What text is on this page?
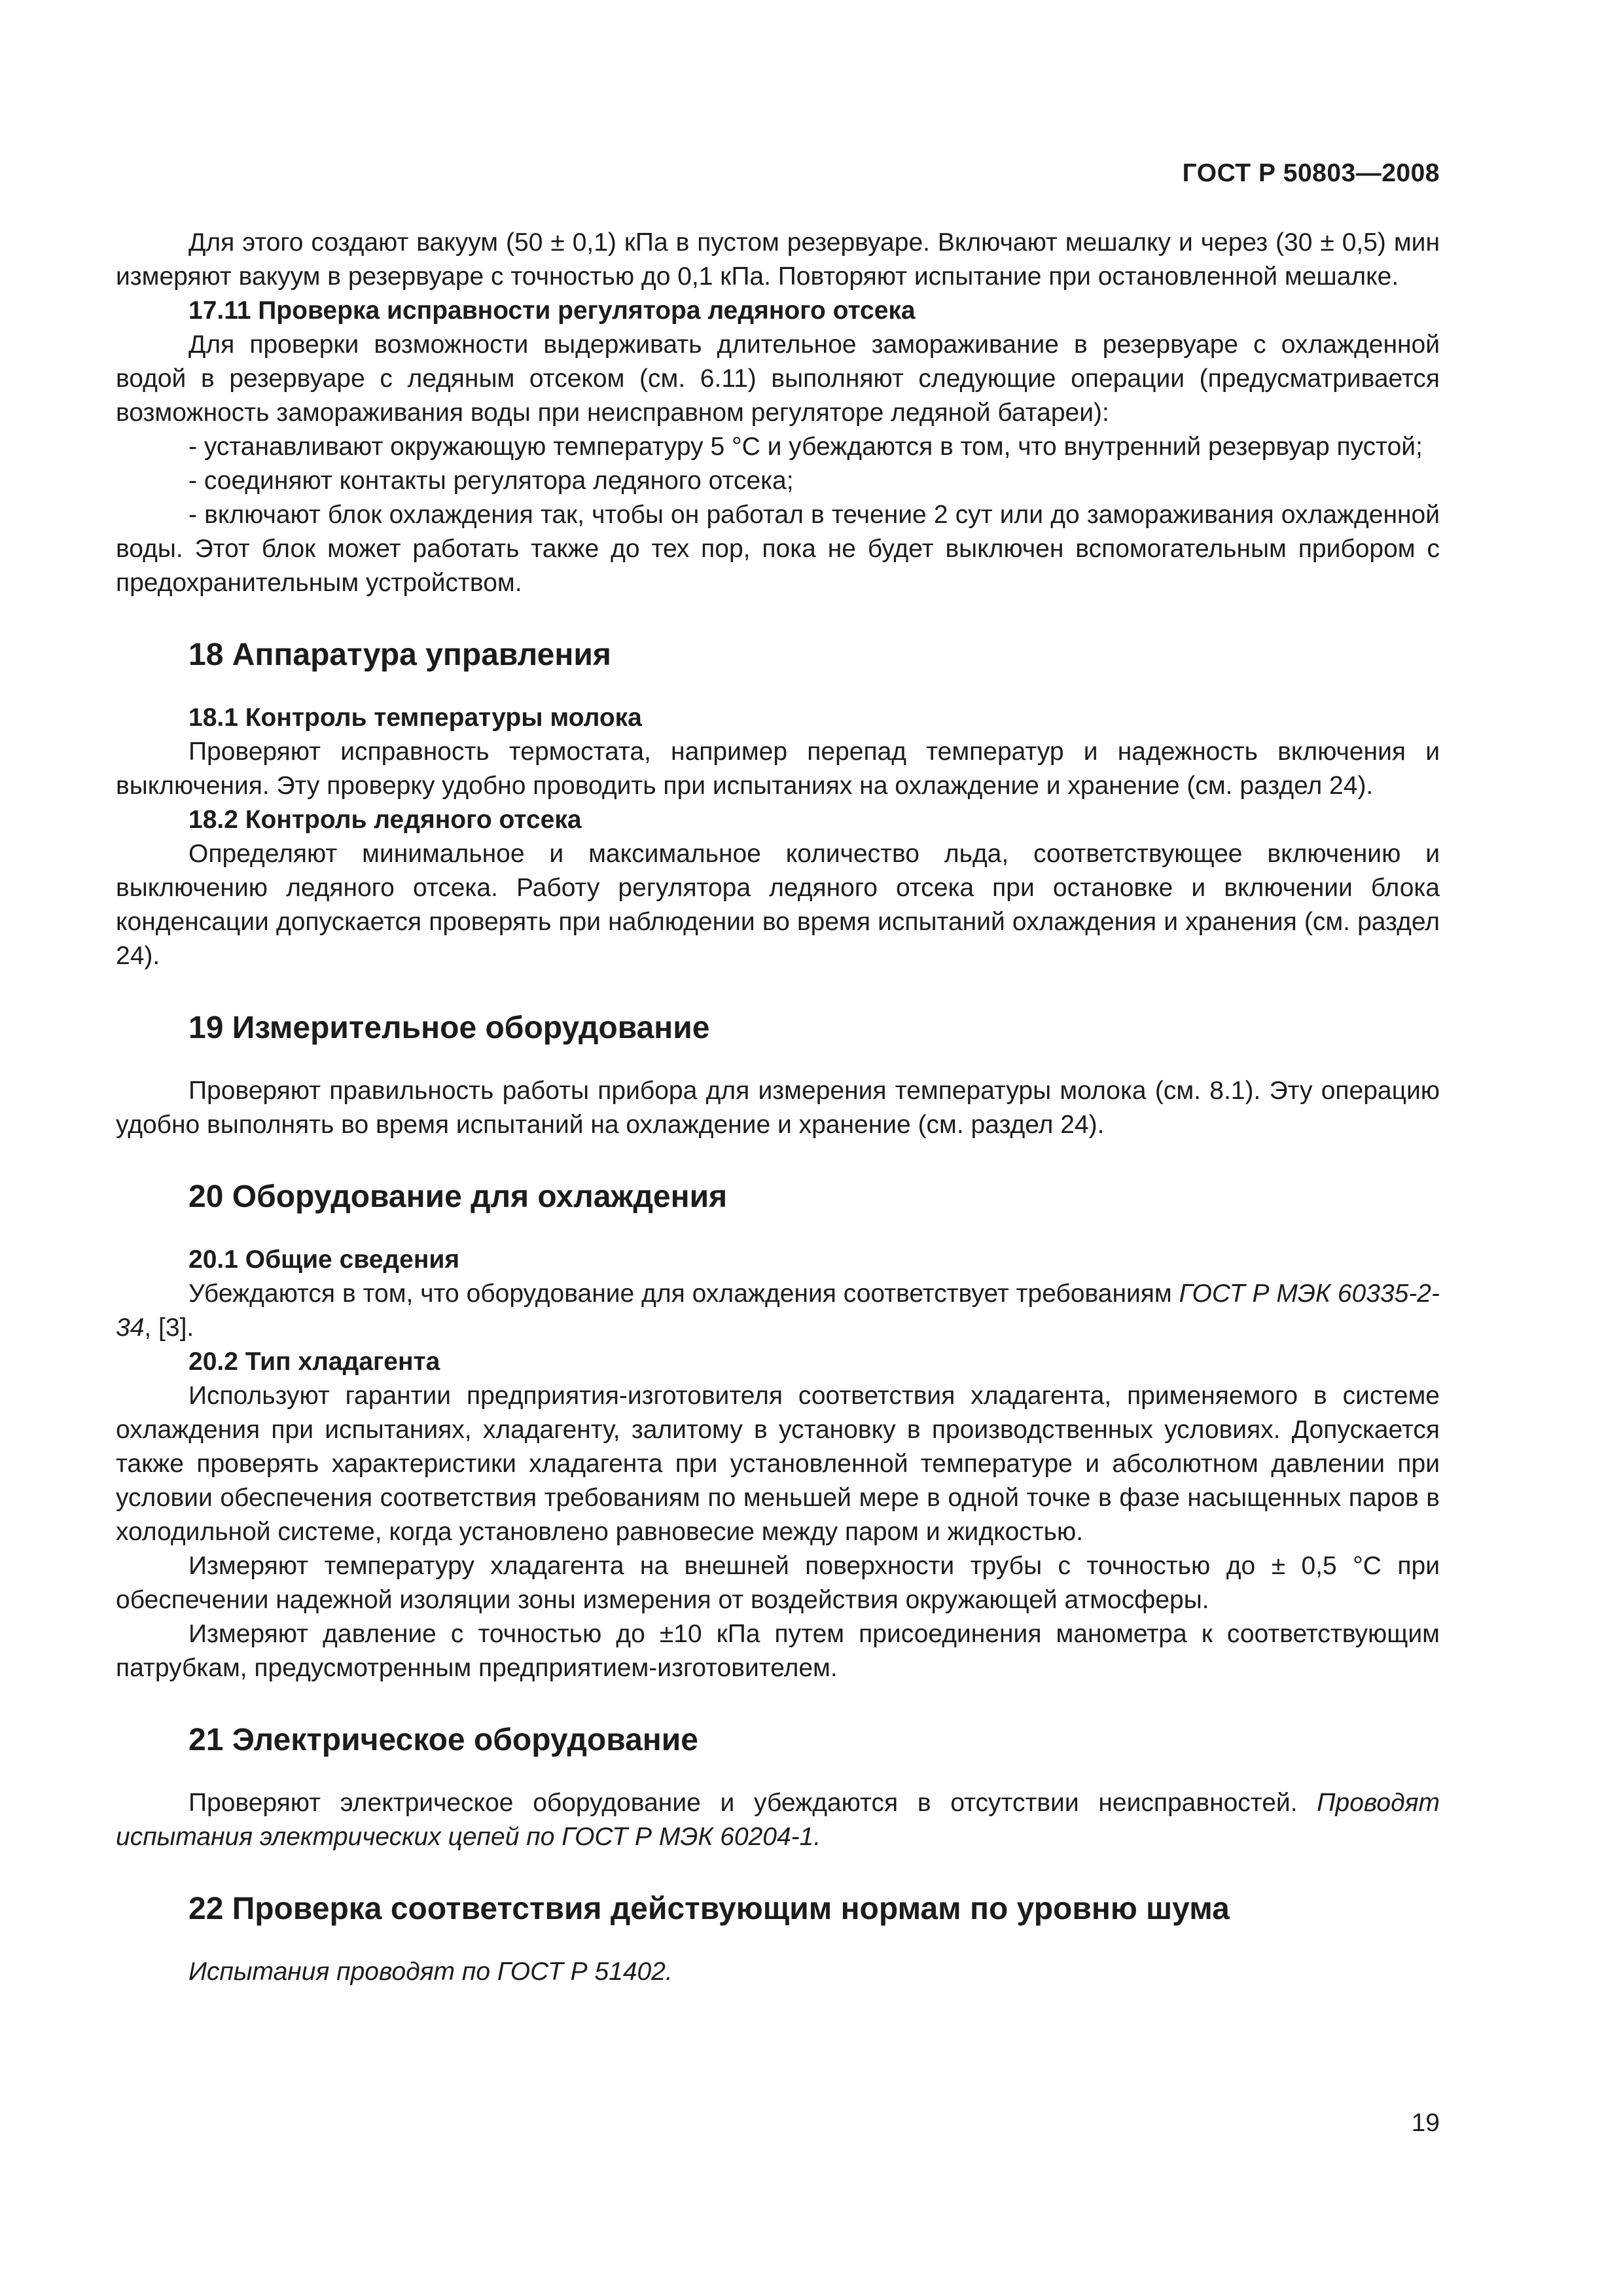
ГОСТ Р 50803—2008

Для этого создают вакуум (50 ± 0,1) кПа в пустом резервуаре. Включают мешалку и через (30 ± 0,5) мин измеряют вакуум в резервуаре с точностью до 0,1 кПа. Повторяют испытание при остановленной мешалке.

17.11 Проверка исправности регулятора ледяного отсека

Для проверки возможности выдерживать длительное замораживание в резервуаре с охлажденной водой в резервуаре с ледяным отсеком (см. 6.11) выполняют следующие операции (предусматривается возможность замораживания воды при неисправном регуляторе ледяной батареи):

- устанавливают окружающую температуру 5 °С и убеждаются в том, что внутренний резервуар пустой;

- соединяют контакты регулятора ледяного отсека;

- включают блок охлаждения так, чтобы он работал в течение 2 сут или до замораживания охлажденной воды. Этот блок может работать также до тех пор, пока не будет выключен вспомогательным прибором с предохранительным устройством.

18 Аппаратура управления
18.1 Контроль температуры молока

Проверяют исправность термостата, например перепад температур и надежность включения и выключения. Эту проверку удобно проводить при испытаниях на охлаждение и хранение (см. раздел 24).

18.2 Контроль ледяного отсека

Определяют минимальное и максимальное количество льда, соответствующее включению и выключению ледяного отсека. Работу регулятора ледяного отсека при остановке и включении блока конденсации допускается проверять при наблюдении во время испытаний охлаждения и хранения (см. раздел 24).

19 Измерительное оборудование

Проверяют правильность работы прибора для измерения температуры молока (см. 8.1). Эту операцию удобно выполнять во время испытаний на охлаждение и хранение (см. раздел 24).

20 Оборудование для охлаждения
20.1 Общие сведения

Убеждаются в том, что оборудование для охлаждения соответствует требованиям ГОСТ Р МЭК 60335-2-34, [3].

20.2 Тип хладагента

Используют гарантии предприятия-изготовителя соответствия хладагента, применяемого в системе охлаждения при испытаниях, хладагенту, залитому в установку в производственных условиях. Допускается также проверять характеристики хладагента при установленной температуре и абсолютном давлении при условии обеспечения соответствия требованиям по меньшей мере в одной точке в фазе насыщенных паров в холодильной системе, когда установлено равновесие между паром и жидкостью.

Измеряют температуру хладагента на внешней поверхности трубы с точностью до ± 0,5 °С при обеспечении надежной изоляции зоны измерения от воздействия окружающей атмосферы.

Измеряют давление с точностью до ±10 кПа путем присоединения манометра к соответствующим патрубкам, предусмотренным предприятием-изготовителем.

21 Электрическое оборудование

Проверяют электрическое оборудование и убеждаются в отсутствии неисправностей. Проводят испытания электрических цепей по ГОСТ Р МЭК 60204-1.

22 Проверка соответствия действующим нормам по уровню шума

Испытания проводят по ГОСТ Р 51402.

19
